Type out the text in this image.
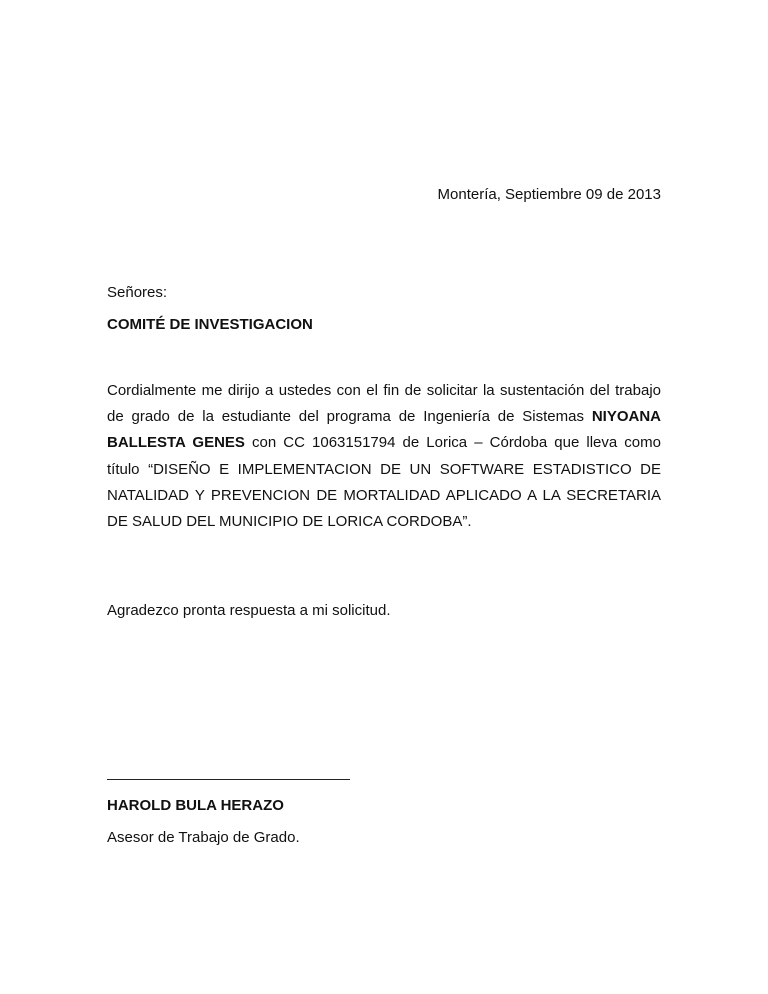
Montería, Septiembre 09 de 2013
Señores:
COMITÉ DE INVESTIGACION
Cordialmente me dirijo a ustedes con el fin de solicitar la sustentación del trabajo de grado de la estudiante del programa de Ingeniería de Sistemas NIYOANA BALLESTA GENES con CC 1063151794 de Lorica – Córdoba que lleva como título “DISEÑO E IMPLEMENTACION DE UN SOFTWARE ESTADISTICO DE NATALIDAD Y PREVENCION DE MORTALIDAD APLICADO A LA SECRETARIA DE SALUD DEL MUNICIPIO DE LORICA CORDOBA”.
Agradezco pronta respuesta a mi solicitud.
HAROLD BULA HERAZO
Asesor de Trabajo de Grado.
